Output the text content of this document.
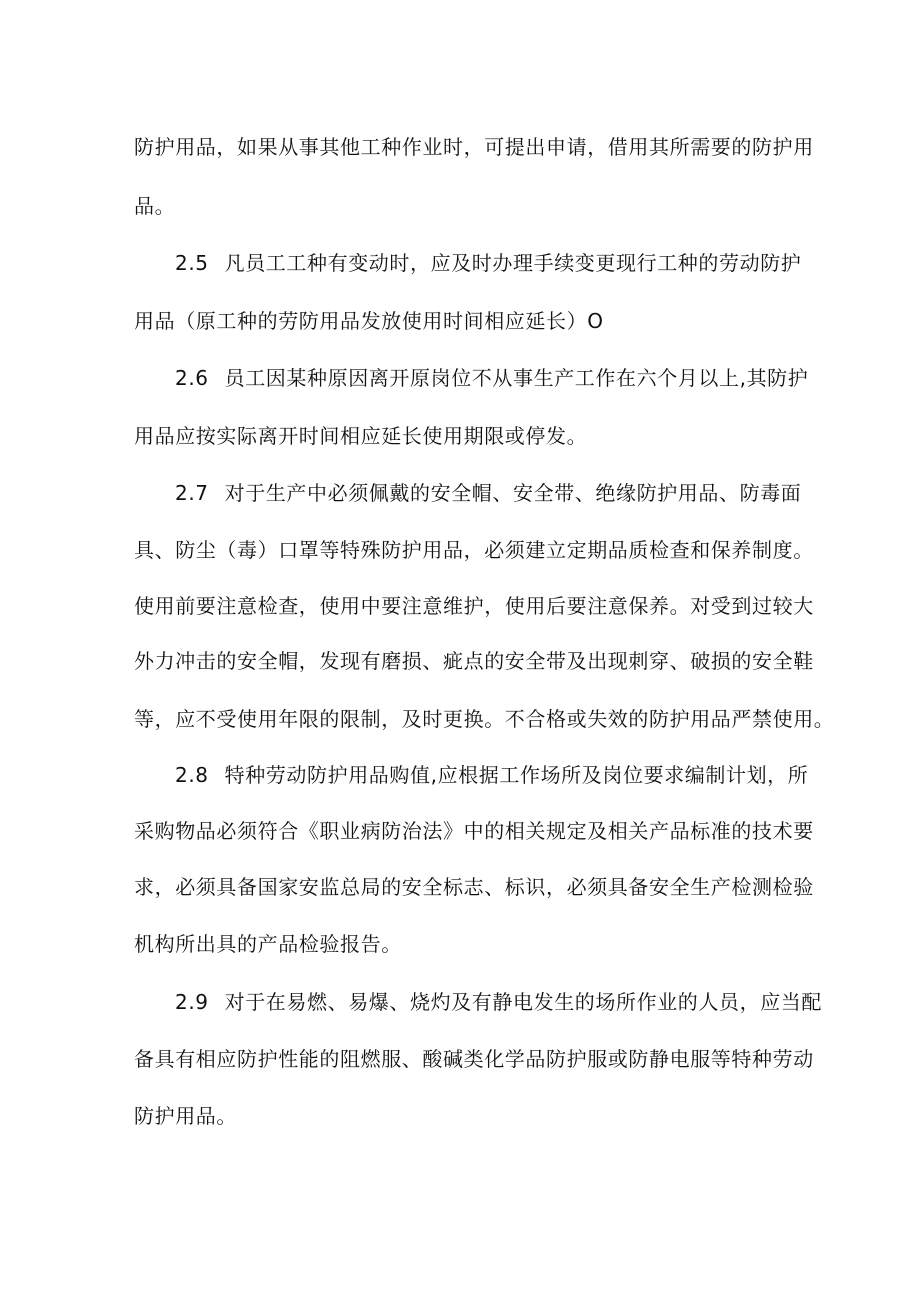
防护用品，如果从事其他工种作业时，可提出申请，借用其所需要的防护用
品。
2.5 凡员工工种有变动时，应及时办理手续变更现行工种的劳动防护
用品（原工种的劳防用品发放使用时间相应延长）O
2.6 员工因某种原因离开原岗位不从事生产工作在六个月以上,其防护
用品应按实际离开时间相应延长使用期限或停发。
2.7 对于生产中必须佩戴的安全帽、安全带、绝缘防护用品、防毒面
具、防尘（毒）口罩等特殊防护用品，必须建立定期品质检查和保养制度。
使用前要注意检查，使用中要注意维护，使用后要注意保养。对受到过较大
外力冲击的安全帽，发现有磨损、疵点的安全带及出现刺穿、破损的安全鞋
等，应不受使用年限的限制，及时更换。不合格或失效的防护用品严禁使用。
2.8 特种劳动防护用品购值,应根据工作场所及岗位要求编制计划，所
采购物品必须符合《职业病防治法》中的相关规定及相关产品标准的技术要
求，必须具备国家安监总局的安全标志、标识，必须具备安全生产检测检验
机构所出具的产品检验报告。
2.9 对于在易燃、易爆、烧灼及有静电发生的场所作业的人员，应当配
备具有相应防护性能的阻燃服、酸碱类化学品防护服或防静电服等特种劳动
防护用品。
